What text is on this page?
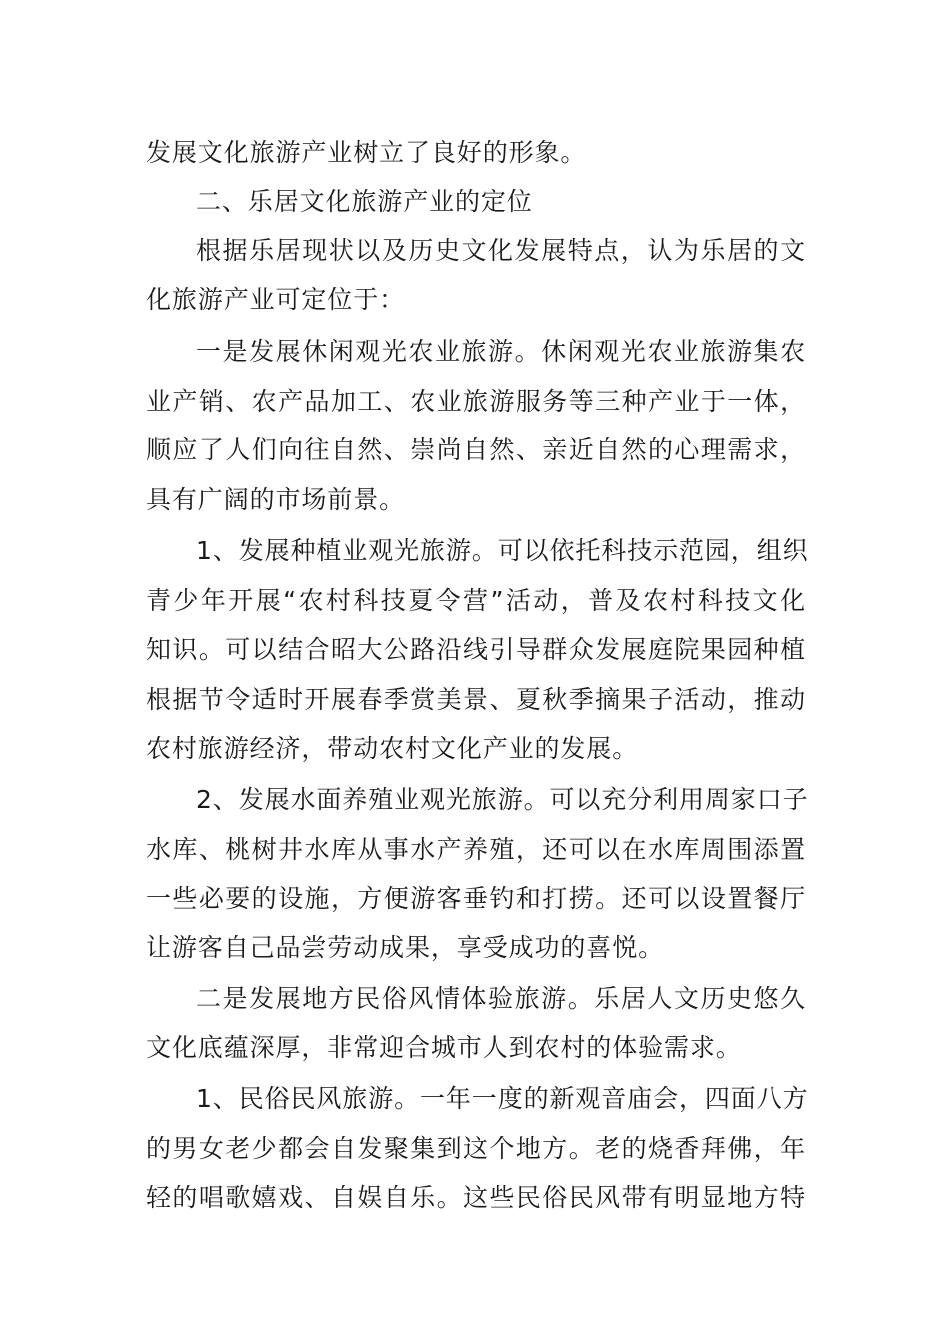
发展文化旅游产业树立了良好的形象。
二、乐居文化旅游产业的定位
根据乐居现状以及历史文化发展特点，认为乐居的文
化旅游产业可定位于：
一是发展休闲观光农业旅游。休闲观光农业旅游集农
业产销、农产品加工、农业旅游服务等三种产业于一体，
顺应了人们向往自然、崇尚自然、亲近自然的心理需求，
具有广阔的市场前景。
1、发展种植业观光旅游。可以依托科技示范园，组织
青少年开展“农村科技夏令营”活动，普及农村科技文化
知识。可以结合昭大公路沿线引导群众发展庭院果园种植
根据节令适时开展春季赏美景、夏秋季摘果子活动，推动
农村旅游经济，带动农村文化产业的发展。
2、发展水面养殖业观光旅游。可以充分利用周家口子
水库、桃树井水库从事水产养殖，还可以在水库周围添置
一些必要的设施，方便游客垂钓和打捞。还可以设置餐厅
让游客自己品尝劳动成果，享受成功的喜悦。
二是发展地方民俗风情体验旅游。乐居人文历史悠久
文化底蕴深厚，非常迎合城市人到农村的体验需求。
1、民俗民风旅游。一年一度的新观音庙会，四面八方
的男女老少都会自发聚集到这个地方。老的烧香拜佛，年
轻的唱歌嬉戏、自娱自乐。这些民俗民风带有明显地方特
